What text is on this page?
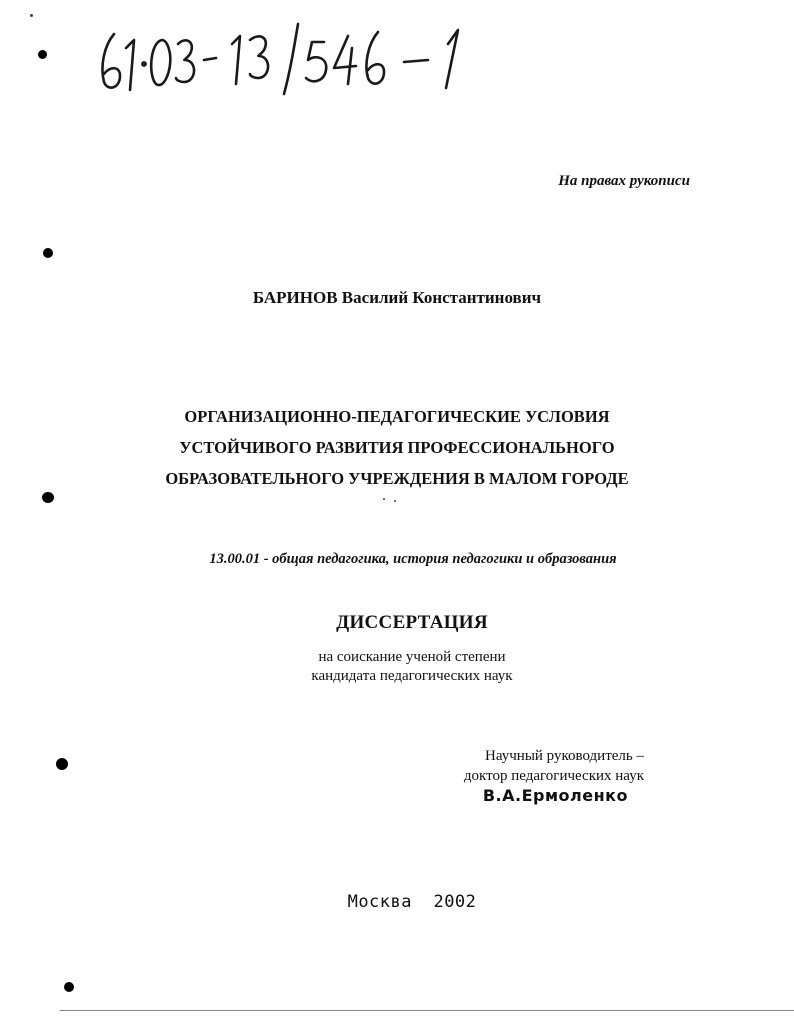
На правах рукописи
БАРИНОВ Василий Константинович
ОРГАНИЗАЦИОННО-ПЕДАГОГИЧЕСКИЕ УСЛОВИЯ
УСТОЙЧИВОГО РАЗВИТИЯ ПРОФЕССИОНАЛЬНОГО
ОБРАЗОВАТЕЛЬНОГО УЧРЕЖДЕНИЯ В МАЛОМ ГОРОДЕ
13.00.01 - общая педагогика, история педагогики и образования
ДИССЕРТАЦИЯ
на соискание ученой степени
кандидата педагогических наук
Научный руководитель –
доктор педагогических наук
В.А.Ермоленко
Москва  2002
